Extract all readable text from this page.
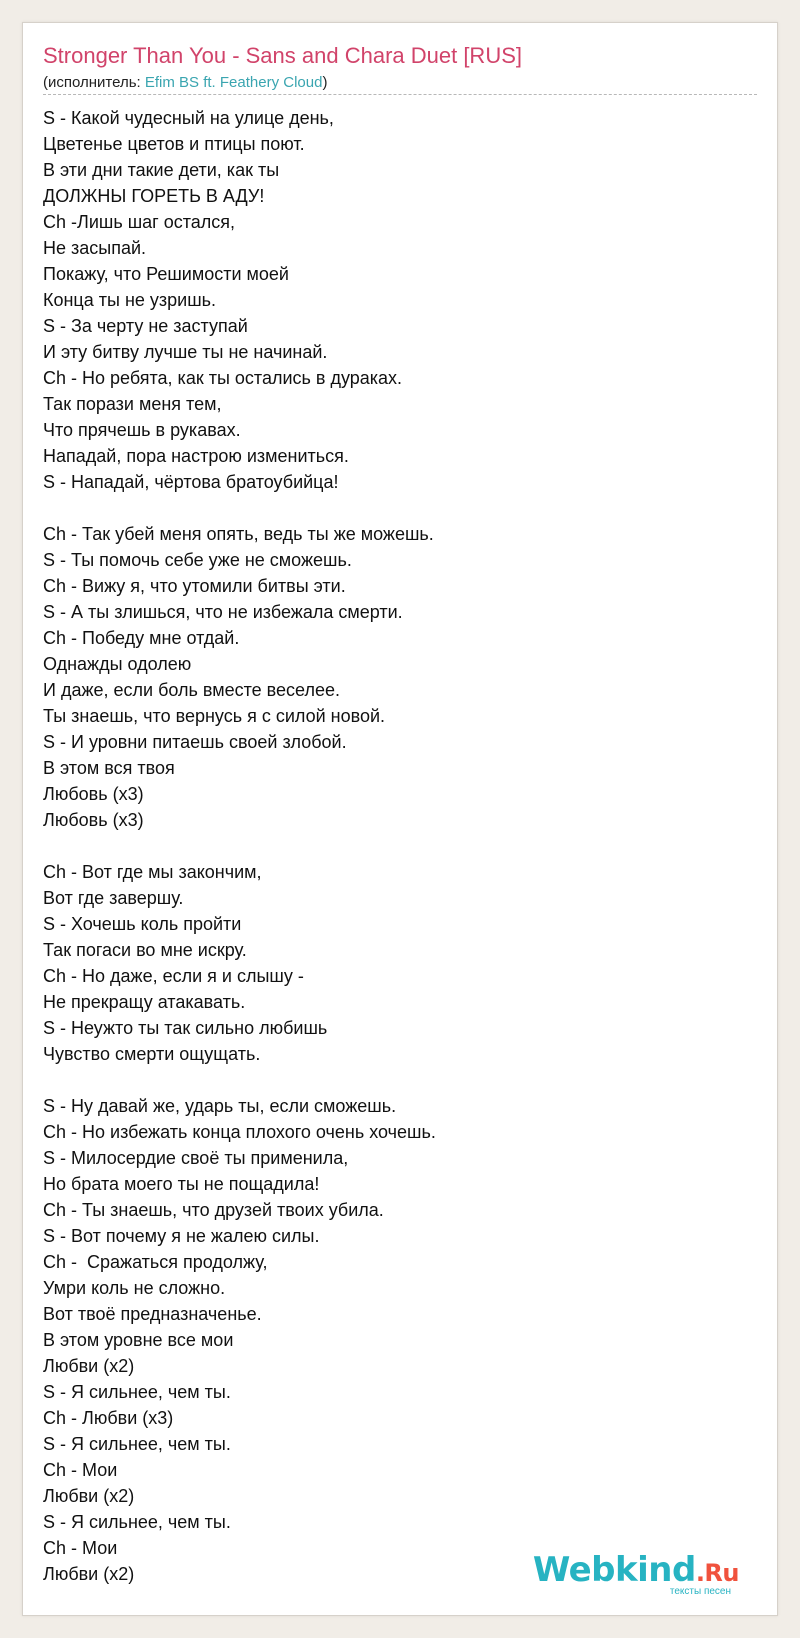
Stronger Than You - Sans and Chara Duet [RUS]
(исполнитель: Efim BS ft. Feathery Cloud)
S - Какой чудесный на улице день,
Цветенье цветов и птицы поют.
В эти дни такие дети, как ты
ДОЛЖНЫ ГОРЕТЬ В АДУ!
Ch -Лишь шаг остался,
Не засыпай.
Покажу, что Решимости моей
Конца ты не узришь.
S - За черту не заступай
И эту битву лучше ты не начинай.
Ch - Но ребята, как ты остались в дураках.
Так порази меня тем,
Что прячешь в рукавах.
Нападай, пора настрою измениться.
S - Нападай, чёртова братоубийца!
Ch - Так убей меня опять, ведь ты же можешь.
S - Ты помочь себе уже не сможешь.
Ch - Вижу я, что утомили битвы эти.
S - А ты злишься, что не избежала смерти.
Ch - Победу мне отдай.
Однажды одолею
И даже, если боль вместе веселее.
Ты знаешь, что вернусь я с силой новой.
S - И уровни питаешь своей злобой.
В этом вся твоя
Любовь (x3)
Любовь (x3)
Ch - Вот где мы закончим,
Вот где завершу.
S - Хочешь коль пройти
Так погаси во мне искру.
Ch - Но даже, если я и слышу -
Не прекращу атакавать.
S - Неужто ты так сильно любишь
Чувство смерти ощущать.
S - Ну давай же, ударь ты, если сможешь.
Ch - Но избежать конца плохого очень хочешь.
S - Милосердие своё ты применила,
Но брата моего ты не пощадила!
Ch - Ты знаешь, что друзей твоих убила.
S - Вот почему я не жалею силы.
Ch -  Сражаться продолжу,
Умри коль не сложно.
Вот твоё предназначенье.
В этом уровне все мои
Любви (x2)
S - Я сильнее, чем ты.
Ch - Любви (x3)
S - Я сильнее, чем ты.
Ch - Мои
Любви (x2)
S - Я сильнее, чем ты.
Ch - Мои
Любви (x2)	Webkind.Ru
тексты песен
